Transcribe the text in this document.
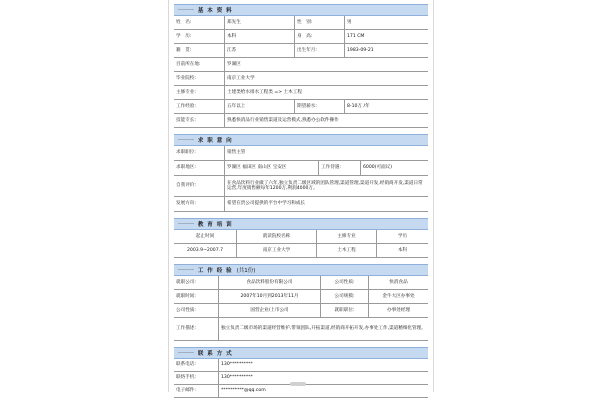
-------- 基 本 资 料
姓　名:	郑先生	性　别:	男
学　历:	本科	身　高:	171 CM
籍　贯:	江苏	出生年月:	1983-09-21
目前所在地:	罗湖区
毕业院校:	南京工业大学
主修专业:	土建类给水排水工程类 => 土木工程
工作经验:	五年以上	期望薪水:	8-10万 /年
技能专长:	熟悉快消品行业销售渠道及运营模式,熟悉办公软件操作
-------- 求 职 意 向
求职职位:	销售主管
求职地区:	罗湖区 福田区 南山区 宝安区	工作待遇:	6000(可面议)
自我评价:
在食品饮料行业做了六年,独立负责二级区域的团队管理,渠道管理,渠道开发,经销商开发,渠道日常运营,年度销售额每年1200万,利润4000万。
发展方向:	希望在贵公司提供的平台中学习和成长
-------- 教 育 培 训
起止时间	就读院校名称	主修专业	学历
2003.9~2007.7	南京工业大学	土木工程	本科
-------- 工 作 经 验 (共1份)
就职公司:	食品饮料股份有限公司	公司性质:	快消食品
就职时间:	2007年10月到2013年11月	公司规模:	金牛大区办事处
公司性质:	国营企业/上市公司	就职职位:	办事处经理
工作描述:	独立负责二级市场的渠道经营维护,带领团队,开拓渠道,经销商开拓开发,办事处工作,渠道精细化管理。
-------- 联 系 方 式
联系电话:	130**********
联络手机:	130**********
电子邮件:	**********@qq.com
